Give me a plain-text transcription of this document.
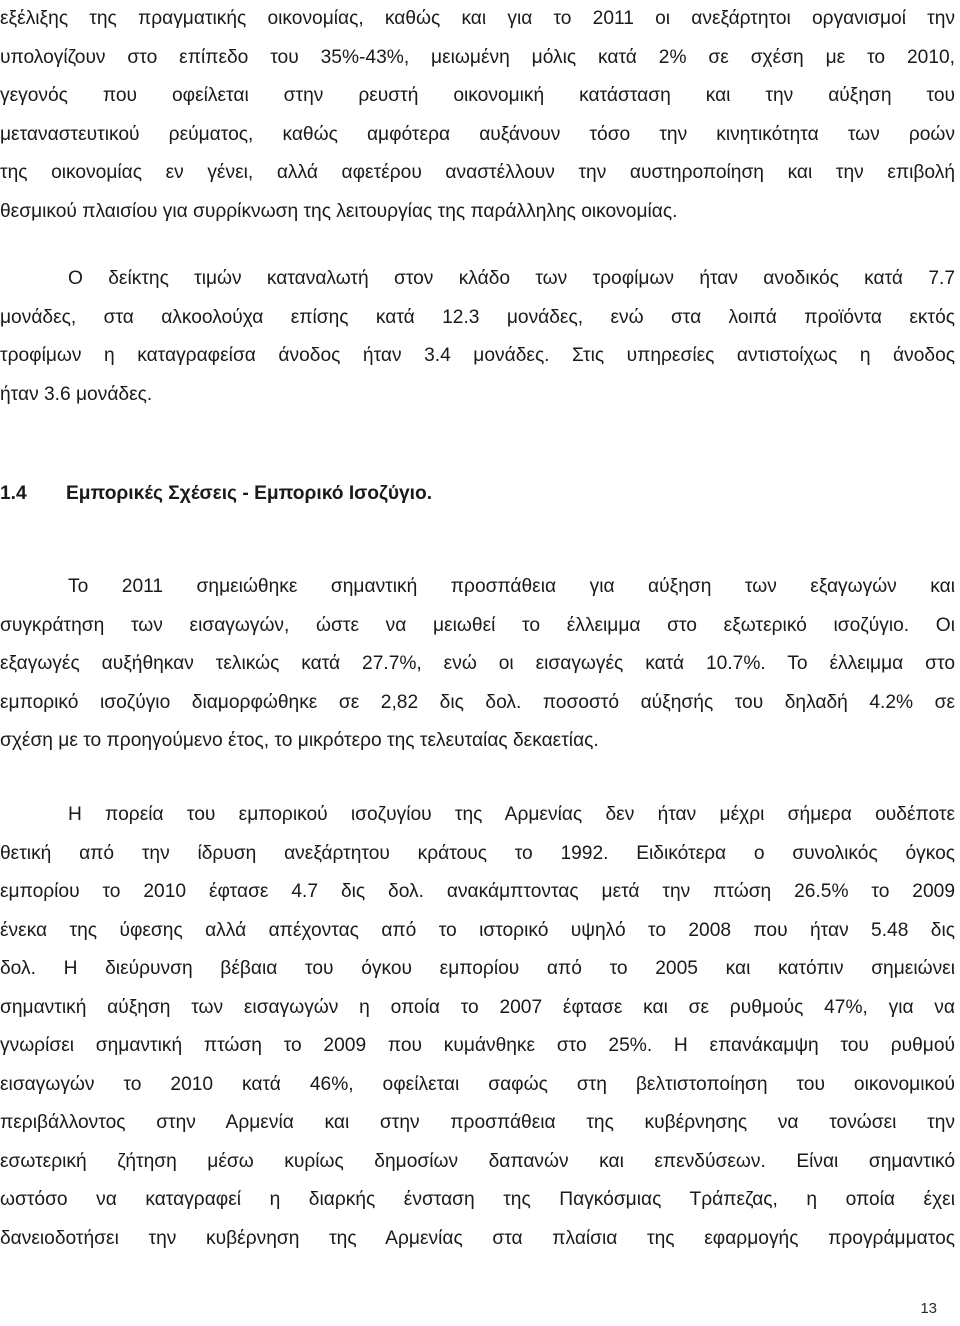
εξέλιξης της πραγματικής οικονομίας, καθώς και για το 2011 οι ανεξάρτητοι οργανισμοί την
υπολογίζουν στο επίπεδο του 35%-43%, μειωμένη μόλις κατά 2% σε σχέση με το 2010,
γεγονός που οφείλεται στην ρευστή οικονομική κατάσταση και την αύξηση του
μεταναστευτικού ρεύματος, καθώς αμφότερα αυξάνουν τόσο την κινητικότητα των ροών
της οικονομίας εν γένει, αλλά αφετέρου αναστέλλουν την αυστηροποίηση και την επιβολή
θεσμικού πλαισίου για συρρίκνωση της λειτουργίας της παράλληλης οικονομίας.
Ο δείκτης τιμών καταναλωτή στον κλάδο των τροφίμων ήταν ανοδικός κατά 7.7
μονάδες, στα αλκοολούχα επίσης κατά 12.3 μονάδες, ενώ στα λοιπά προϊόντα εκτός
τροφίμων η καταγραφείσα άνοδος ήταν 3.4 μονάδες. Στις υπηρεσίες αντιστοίχως η άνοδος
ήταν 3.6 μονάδες.
1.4 Εμπορικές Σχέσεις - Εμπορικό Ισοζύγιο.
Το 2011 σημειώθηκε σημαντική προσπάθεια για αύξηση των εξαγωγών και
συγκράτηση των εισαγωγών, ώστε να μειωθεί το έλλειμμα στο εξωτερικό ισοζύγιο. Οι
εξαγωγές αυξήθηκαν τελικώς κατά 27.7%, ενώ οι εισαγωγές κατά 10.7%. Το έλλειμμα στο
εμπορικό ισοζύγιο διαμορφώθηκε σε 2,82 δις δολ. ποσοστό αύξησής του δηλαδή 4.2% σε
σχέση με το προηγούμενο έτος, το μικρότερο της τελευταίας δεκαετίας.
Η πορεία του εμπορικού ισοζυγίου της Αρμενίας δεν ήταν μέχρι σήμερα ουδέποτε
θετική από την ίδρυση ανεξάρτητου κράτους το 1992. Ειδικότερα ο συνολικός όγκος
εμπορίου το 2010 έφτασε 4.7 δις δολ. ανακάμπτοντας μετά την πτώση 26.5% το 2009
ένεκα της ύφεσης αλλά απέχοντας από το ιστορικό υψηλό το 2008 που ήταν 5.48 δις
δολ. Η διεύρυνση βέβαια του όγκου εμπορίου από το 2005 και κατόπιν σημειώνει
σημαντική αύξηση των εισαγωγών η οποία το 2007 έφτασε και σε ρυθμούς 47%, για να
γνωρίσει σημαντική πτώση το 2009 που κυμάνθηκε στο 25%. Η επανάκαμψη του ρυθμού
εισαγωγών το 2010 κατά 46%, οφείλεται σαφώς στη βελτιστοποίηση του οικονομικού
περιβάλλοντος στην Αρμενία και στην προσπάθεια της κυβέρνησης να τονώσει την
εσωτερική ζήτηση μέσω κυρίως δημοσίων δαπανών και επενδύσεων. Είναι σημαντικό
ωστόσο να καταγραφεί η διαρκής ένσταση της Παγκόσμιας Τράπεζας, η οποία έχει
δανειοδοτήσει την κυβέρνηση της Αρμενίας στα πλαίσια της εφαρμογής προγράμματος
13
